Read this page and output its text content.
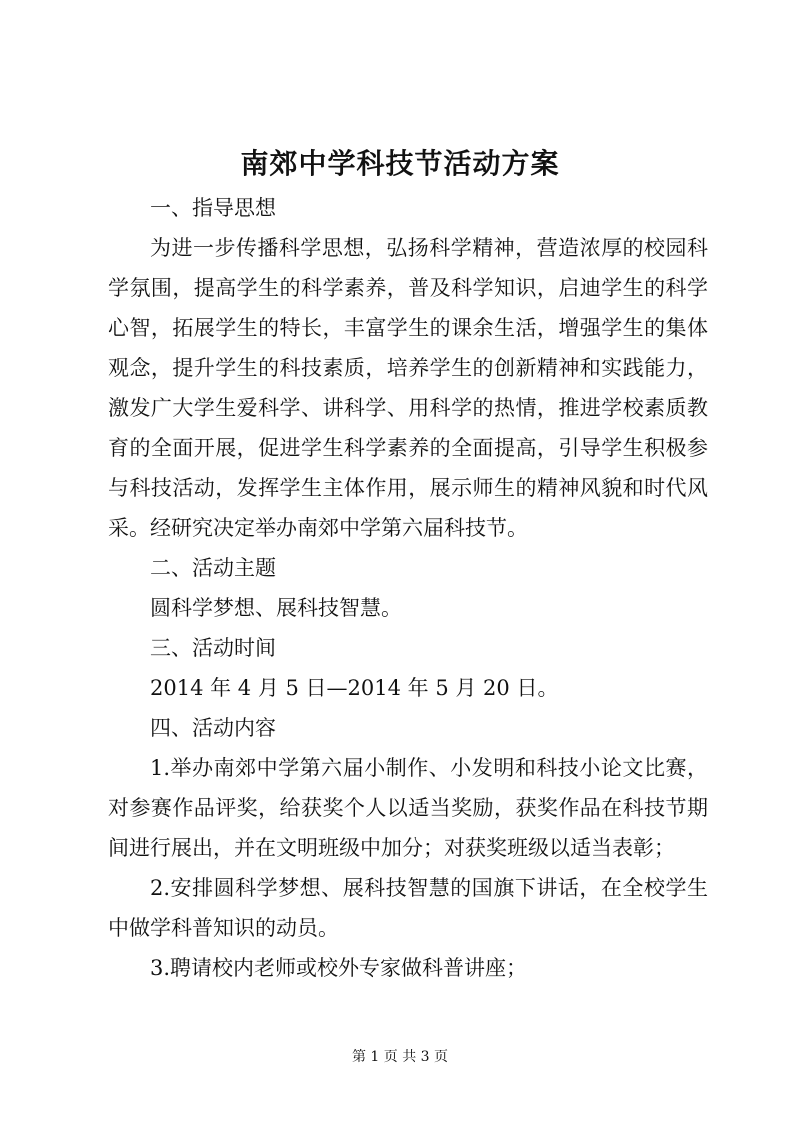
南郊中学科技节活动方案
一、指导思想
为进一步传播科学思想，弘扬科学精神，营造浓厚的校园科
学氛围，提高学生的科学素养，普及科学知识，启迪学生的科学
心智，拓展学生的特长，丰富学生的课余生活，增强学生的集体
观念，提升学生的科技素质，培养学生的创新精神和实践能力，
激发广大学生爱科学、讲科学、用科学的热情，推进学校素质教
育的全面开展，促进学生科学素养的全面提高，引导学生积极参
与科技活动，发挥学生主体作用，展示师生的精神风貌和时代风
采。经研究决定举办南郊中学第六届科技节。
二、活动主题
圆科学梦想、展科技智慧。
三、活动时间
2014 年 4 月 5 日—2014 年 5 月 20 日。
四、活动内容
1.举办南郊中学第六届小制作、小发明和科技小论文比赛，
对参赛作品评奖，给获奖个人以适当奖励，获奖作品在科技节期
间进行展出，并在文明班级中加分；对获奖班级以适当表彰；
2.安排圆科学梦想、展科技智慧的国旗下讲话，在全校学生
中做学科普知识的动员。
3.聘请校内老师或校外专家做科普讲座；
第 1 页 共 3 页
